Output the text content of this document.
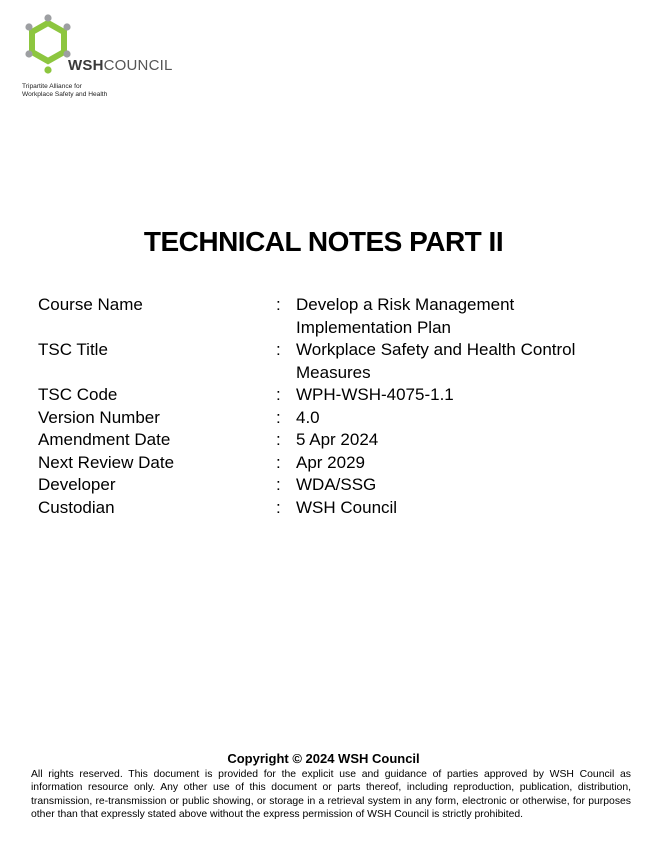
WSHCOUNCIL
Tripartite Alliance for
Workplace Safety and Health
TECHNICAL NOTES PART II
Course Name	: Develop a Risk Management Implementation Plan
TSC Title	: Workplace Safety and Health Control Measures
TSC Code	: WPH-WSH-4075-1.1
Version Number	: 4.0
Amendment Date	: 5 Apr 2024
Next Review Date	: Apr 2029
Developer	: WDA/SSG
Custodian	: WSH Council
Copyright © 2024 WSH Council
All rights reserved. This document is provided for the explicit use and guidance of parties approved by WSH Council as information resource only. Any other use of this document or parts thereof, including reproduction, publication, distribution, transmission, re-transmission or public showing, or storage in a retrieval system in any form, electronic or otherwise, for purposes other than that expressly stated above without the express permission of WSH Council is strictly prohibited.
